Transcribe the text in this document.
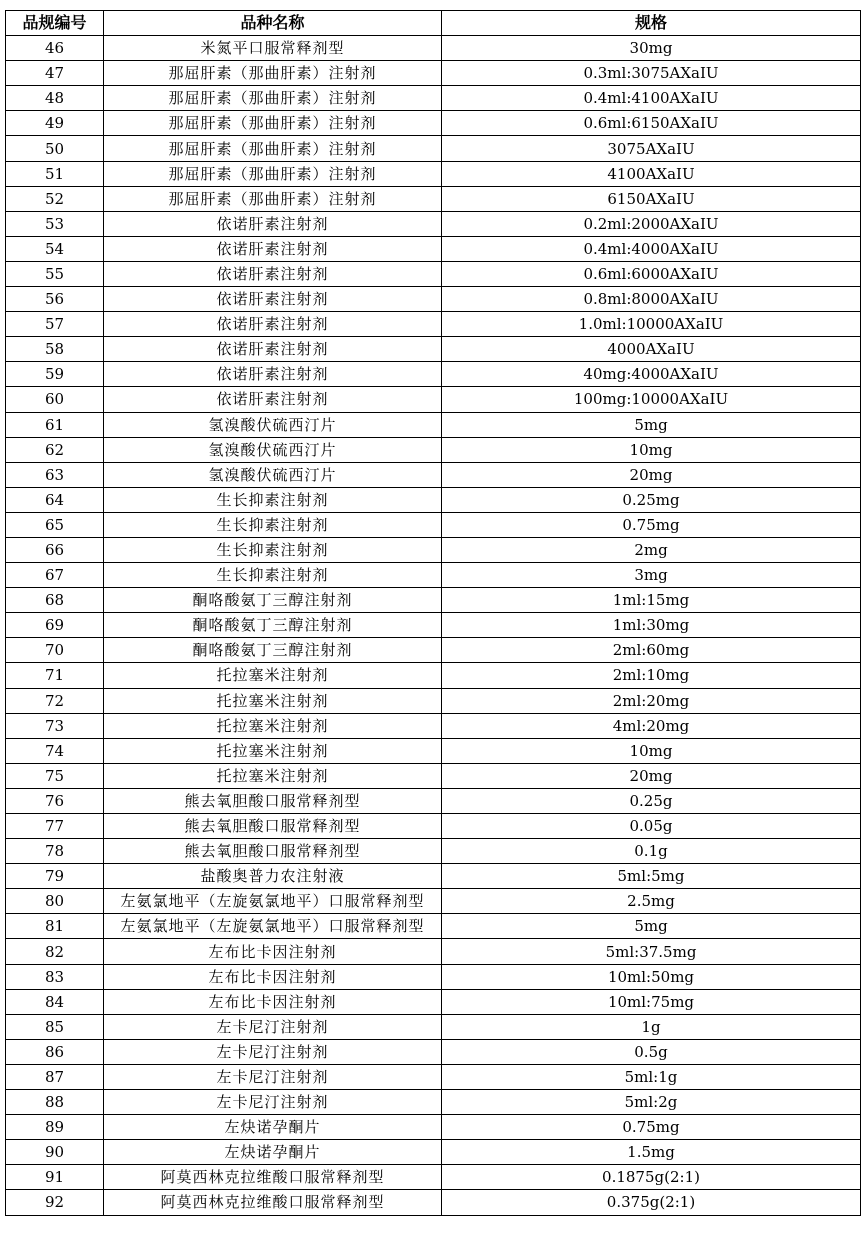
品规编号	品种名称	规格
46	米氮平口服常释剂型	30mg
47	那屈肝素（那曲肝素）注射剂	0.3ml:3075AXaIU
48	那屈肝素（那曲肝素）注射剂	0.4ml:4100AXaIU
49	那屈肝素（那曲肝素）注射剂	0.6ml:6150AXaIU
50	那屈肝素（那曲肝素）注射剂	3075AXaIU
51	那屈肝素（那曲肝素）注射剂	4100AXaIU
52	那屈肝素（那曲肝素）注射剂	6150AXaIU
53	依诺肝素注射剂	0.2ml:2000AXaIU
54	依诺肝素注射剂	0.4ml:4000AXaIU
55	依诺肝素注射剂	0.6ml:6000AXaIU
56	依诺肝素注射剂	0.8ml:8000AXaIU
57	依诺肝素注射剂	1.0ml:10000AXaIU
58	依诺肝素注射剂	4000AXaIU
59	依诺肝素注射剂	40mg:4000AXaIU
60	依诺肝素注射剂	100mg:10000AXaIU
61	氢溴酸伏硫西汀片	5mg
62	氢溴酸伏硫西汀片	10mg
63	氢溴酸伏硫西汀片	20mg
64	生长抑素注射剂	0.25mg
65	生长抑素注射剂	0.75mg
66	生长抑素注射剂	2mg
67	生长抑素注射剂	3mg
68	酮咯酸氨丁三醇注射剂	1ml:15mg
69	酮咯酸氨丁三醇注射剂	1ml:30mg
70	酮咯酸氨丁三醇注射剂	2ml:60mg
71	托拉塞米注射剂	2ml:10mg
72	托拉塞米注射剂	2ml:20mg
73	托拉塞米注射剂	4ml:20mg
74	托拉塞米注射剂	10mg
75	托拉塞米注射剂	20mg
76	熊去氧胆酸口服常释剂型	0.25g
77	熊去氧胆酸口服常释剂型	0.05g
78	熊去氧胆酸口服常释剂型	0.1g
79	盐酸奥普力农注射液	5ml:5mg
80	左氨氯地平（左旋氨氯地平）口服常释剂型	2.5mg
81	左氨氯地平（左旋氨氯地平）口服常释剂型	5mg
82	左布比卡因注射剂	5ml:37.5mg
83	左布比卡因注射剂	10ml:50mg
84	左布比卡因注射剂	10ml:75mg
85	左卡尼汀注射剂	1g
86	左卡尼汀注射剂	0.5g
87	左卡尼汀注射剂	5ml:1g
88	左卡尼汀注射剂	5ml:2g
89	左炔诺孕酮片	0.75mg
90	左炔诺孕酮片	1.5mg
91	阿莫西林克拉维酸口服常释剂型	0.1875g(2:1)
92	阿莫西林克拉维酸口服常释剂型	0.375g(2:1)
